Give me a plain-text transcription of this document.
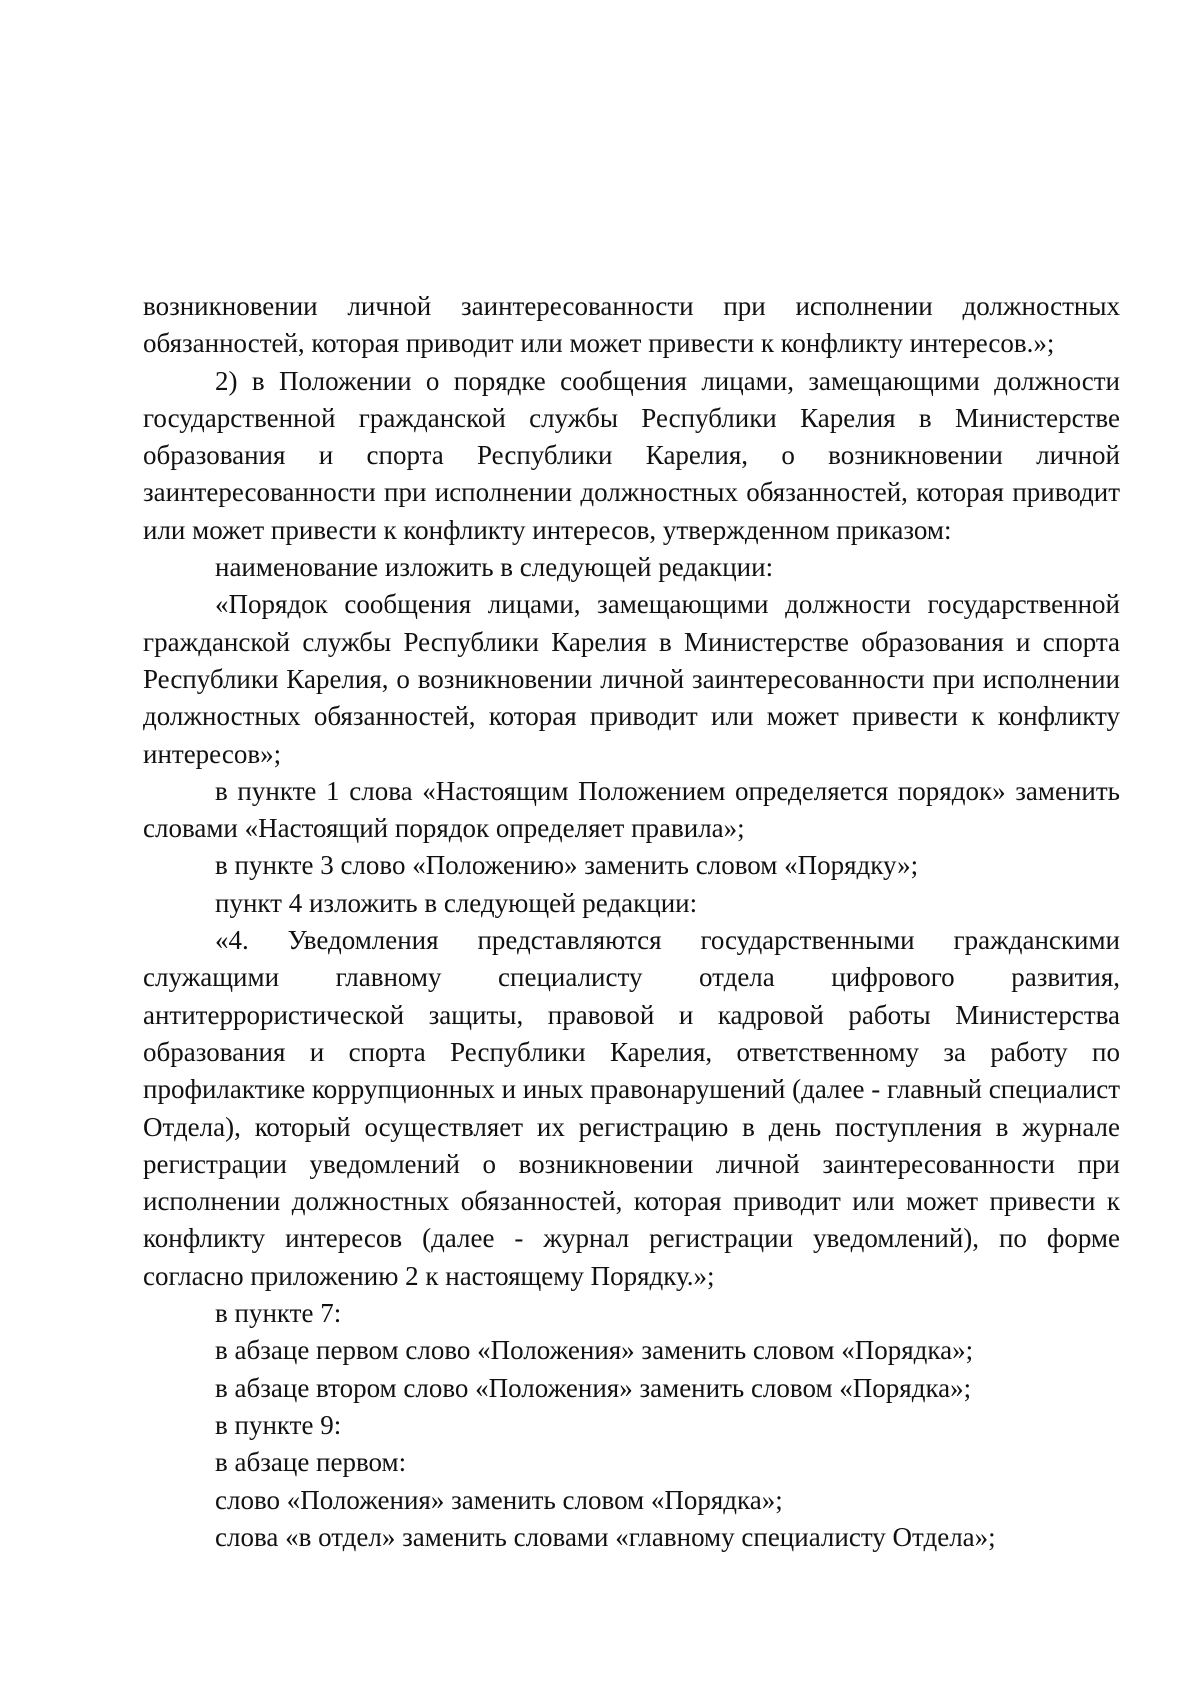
возникновении личной заинтересованности при исполнении должностных обязанностей, которая приводит или может привести к конфликту интересов.»;

2) в Положении о порядке сообщения лицами, замещающими должности государственной гражданской службы Республики Карелия в Министерстве образования и спорта Республики Карелия, о возникновении личной заинтересованности при исполнении должностных обязанностей, которая приводит или может привести к конфликту интересов, утвержденном приказом:

наименование изложить в следующей редакции:

«Порядок сообщения лицами, замещающими должности государственной гражданской службы Республики Карелия в Министерстве образования и спорта Республики Карелия, о возникновении личной заинтересованности при исполнении должностных обязанностей, которая приводит или может привести к конфликту интересов»;

в пункте 1 слова «Настоящим Положением определяется порядок» заменить словами «Настоящий порядок определяет правила»;

в пункте 3 слово «Положению» заменить словом «Порядку»;

пункт 4 изложить в следующей редакции:

«4. Уведомления представляются государственными гражданскими служащими главному специалисту отдела цифрового развития, антитеррористической защиты, правовой и кадровой работы Министерства образования и спорта Республики Карелия, ответственному за работу по профилактике коррупционных и иных правонарушений (далее - главный специалист Отдела), который осуществляет их регистрацию в день поступления в журнале регистрации уведомлений о возникновении личной заинтересованности при исполнении должностных обязанностей, которая приводит или может привести к конфликту интересов (далее - журнал регистрации уведомлений), по форме согласно приложению 2 к настоящему Порядку.»;

в пункте 7:

в абзаце первом слово «Положения» заменить словом «Порядка»;

в абзаце втором слово «Положения» заменить словом «Порядка»;

в пункте 9:

в абзаце первом:

слово «Положения» заменить словом «Порядка»;

слова «в отдел» заменить словами «главному специалисту Отдела»;
